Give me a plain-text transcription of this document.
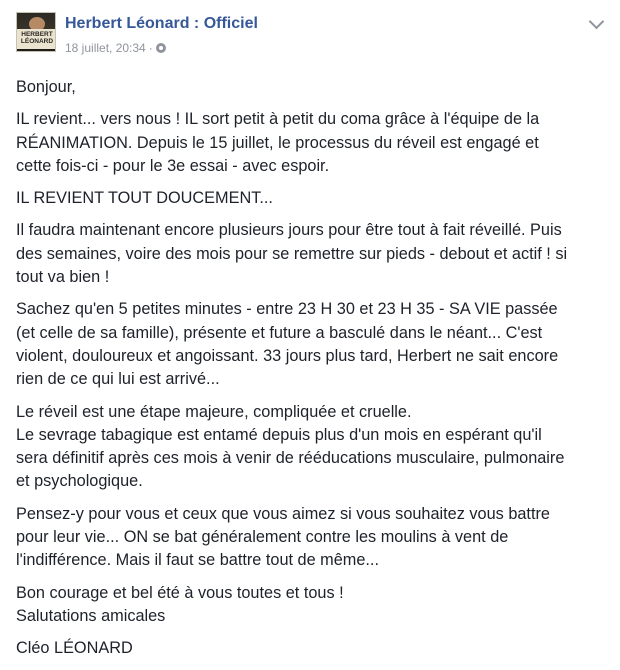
HERBERT
LÉONARD
Herbert Léonard : Officiel
18 juillet, 20:34 ·

Bonjour,

IL revient... vers nous ! IL sort petit à petit du coma grâce à l'équipe de la
RÉANIMATION. Depuis le 15 juillet, le processus du réveil est engagé et
cette fois-ci - pour le 3e essai - avec espoir.

IL REVIENT TOUT DOUCEMENT...

Il faudra maintenant encore plusieurs jours pour être tout à fait réveillé. Puis
des semaines, voire des mois pour se remettre sur pieds - debout et actif ! si
tout va bien !

Sachez qu'en 5 petites minutes - entre 23 H 30 et 23 H 35 - SA VIE passée
(et celle de sa famille), présente et future a basculé dans le néant... C'est
violent, douloureux et angoissant. 33 jours plus tard, Herbert ne sait encore
rien de ce qui lui est arrivé...

Le réveil est une étape majeure, compliquée et cruelle.
Le sevrage tabagique est entamé depuis plus d'un mois en espérant qu'il
sera définitif après ces mois à venir de rééducations musculaire, pulmonaire
et psychologique.

Pensez-y pour vous et ceux que vous aimez si vous souhaitez vous battre
pour leur vie... ON se bat généralement contre les moulins à vent de
l'indifférence. Mais il faut se battre tout de même...

Bon courage et bel été à vous toutes et tous !
Salutations amicales

Cléo LÉONARD
